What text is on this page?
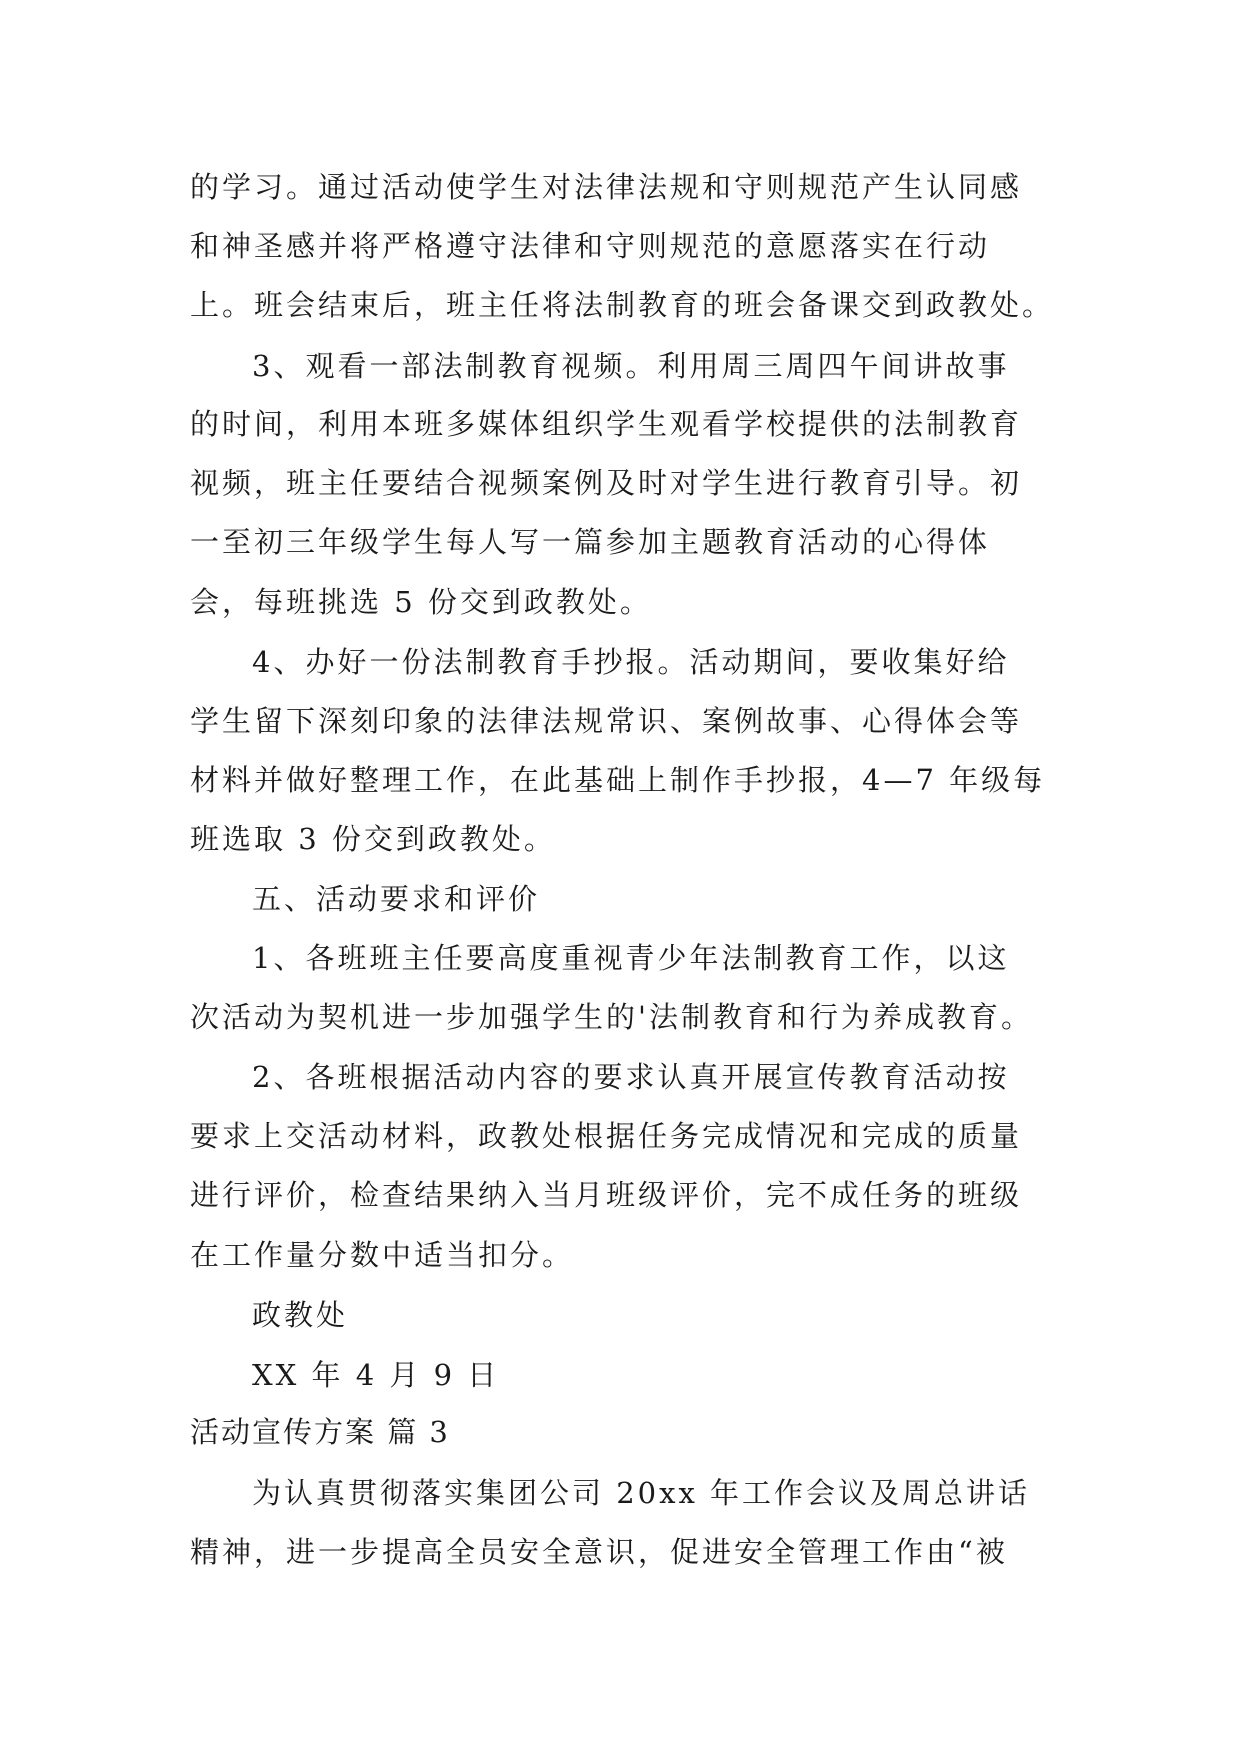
的学习。通过活动使学生对法律法规和守则规范产生认同感
和神圣感并将严格遵守法律和守则规范的意愿落实在行动
上。班会结束后，班主任将法制教育的班会备课交到政教处。
3、观看一部法制教育视频。利用周三周四午间讲故事
的时间，利用本班多媒体组织学生观看学校提供的法制教育
视频，班主任要结合视频案例及时对学生进行教育引导。初
一至初三年级学生每人写一篇参加主题教育活动的心得体
会，每班挑选 5 份交到政教处。
4、办好一份法制教育手抄报。活动期间，要收集好给
学生留下深刻印象的法律法规常识、案例故事、心得体会等
材料并做好整理工作，在此基础上制作手抄报，4—7 年级每
班选取 3 份交到政教处。
五、活动要求和评价
1、各班班主任要高度重视青少年法制教育工作，以这
次活动为契机进一步加强学生的'法制教育和行为养成教育。
2、各班根据活动内容的要求认真开展宣传教育活动按
要求上交活动材料，政教处根据任务完成情况和完成的质量
进行评价，检查结果纳入当月班级评价，完不成任务的班级
在工作量分数中适当扣分。
政教处
XX 年 4 月 9 日
活动宣传方案 篇 3
为认真贯彻落实集团公司 20xx 年工作会议及周总讲话
精神，进一步提高全员安全意识，促进安全管理工作由“被
